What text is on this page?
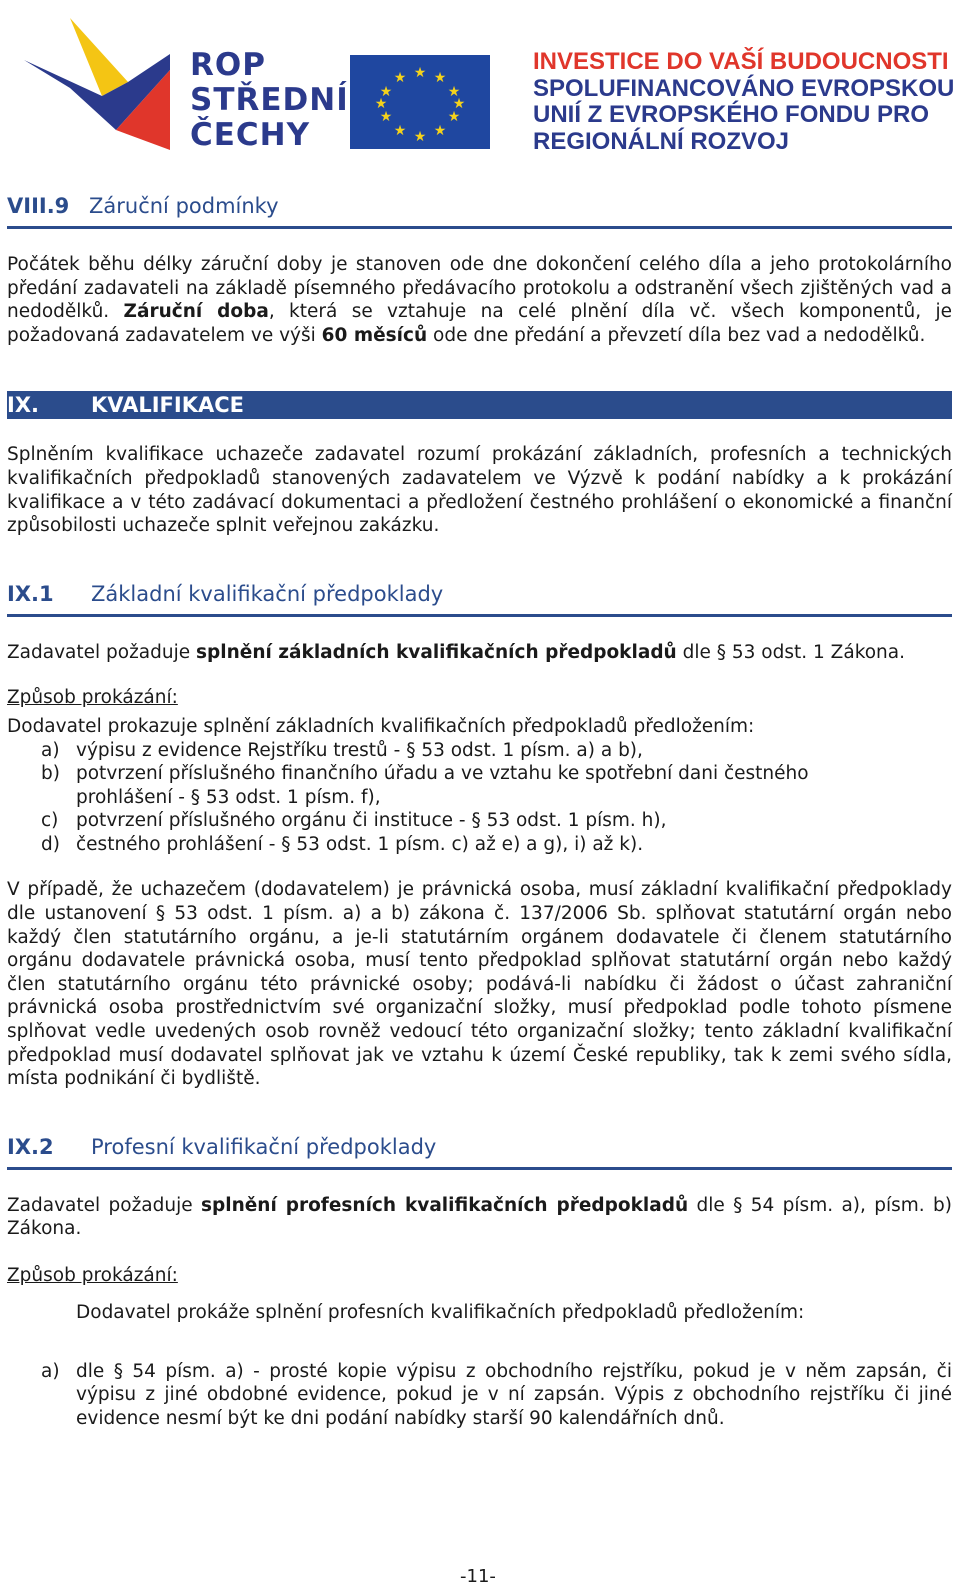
ROP
STŘEDNÍ
ČECHY
★ ★
★
★
★
★
★
★
★
★
★
★
INVESTICE DO VAŠÍ BUDOUCNOSTI
SPOLUFINANCOVÁNO EVROPSKOU
UNIÍ Z EVROPSKÉHO FONDU PRO
REGIONÁLNÍ ROZVOJ
VIII.9 Záruční podmínky

Počátek běhu délky záruční doby je stanoven ode dne dokončení celého díla a jeho protokolárního předání zadavateli na základě písemného předávacího protokolu a odstranění všech zjištěných vad a nedodělků. Záruční doba, která se vztahuje na celé plnění díla vč. všech komponentů, je požadovaná zadavatelem ve výši 60 měsíců ode dne předání a převzetí díla bez vad a nedodělků.

IX. KVALIFIKACE

Splněním kvalifikace uchazeče zadavatel rozumí prokázání základních, profesních a technických kvalifikačních předpokladů stanovených zadavatelem ve Výzvě k podání nabídky a k prokázání kvalifikace a v této zadávací dokumentaci a předložení čestného prohlášení o ekonomické a finanční způsobilosti uchazeče splnit veřejnou zakázku.

IX.1 Základní kvalifikační předpoklady

Zadavatel požaduje splnění základních kvalifikačních předpokladů dle § 53 odst. 1 Zákona.

Způsob prokázání:

Dodavatel prokazuje splnění základních kvalifikačních předpokladů předložením:

a) výpisu z evidence Rejstříku trestů - § 53 odst. 1 písm. a) a b),
b) potvrzení příslušného finančního úřadu a ve vztahu ke spotřební dani čestného prohlášení - § 53 odst. 1 písm. f),
c) potvrzení příslušného orgánu či instituce - § 53 odst. 1 písm. h),
d) čestného prohlášení - § 53 odst. 1 písm. c) až e) a g), i) až k).

V případě, že uchazečem (dodavatelem) je právnická osoba, musí základní kvalifikační předpoklady dle ustanovení § 53 odst. 1 písm. a) a b) zákona č. 137/2006 Sb. splňovat statutární orgán nebo každý člen statutárního orgánu, a je-li statutárním orgánem dodavatele či členem statutárního orgánu dodavatele právnická osoba, musí tento předpoklad splňovat statutární orgán nebo každý člen statutárního orgánu této právnické osoby; podává-li nabídku či žádost o účast zahraniční právnická osoba prostřednictvím své organizační složky, musí předpoklad podle tohoto písmene splňovat vedle uvedených osob rovněž vedoucí této organizační složky; tento základní kvalifikační předpoklad musí dodavatel splňovat jak ve vztahu k území České republiky, tak k zemi svého sídla, místa podnikání či bydliště.

IX.2 Profesní kvalifikační předpoklady

Zadavatel požaduje splnění profesních kvalifikačních předpokladů dle § 54 písm. a), písm. b) Zákona.

Způsob prokázání:

Dodavatel prokáže splnění profesních kvalifikačních předpokladů předložením:

a) dle § 54 písm. a) - prosté kopie výpisu z obchodního rejstříku, pokud je v něm zapsán, či výpisu z jiné obdobné evidence, pokud je v ní zapsán. Výpis z obchodního rejstříku či jiné evidence nesmí být ke dni podání nabídky starší 90 kalendářních dnů.
-11-
